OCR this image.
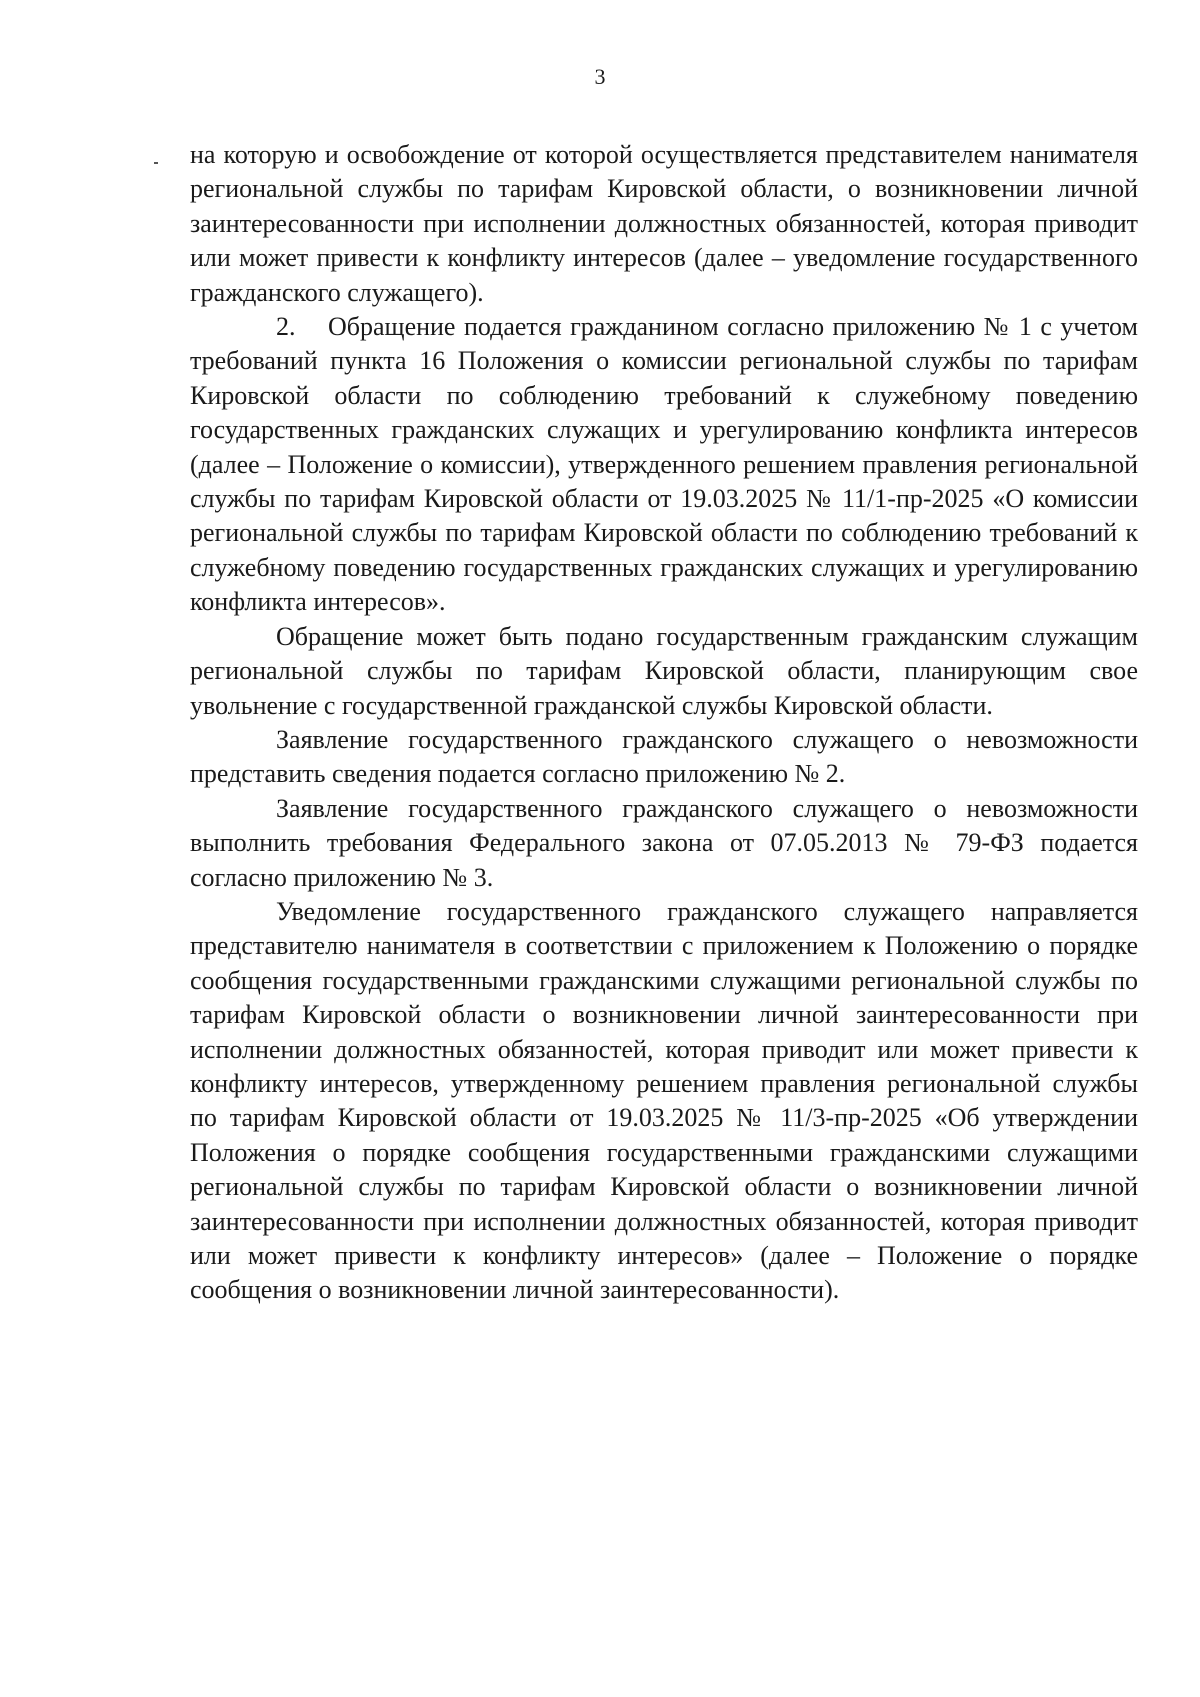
3

на которую и освобождение от которой осуществляется представителем нанимателя региональной службы по тарифам Кировской области, о возникновении личной заинтересованности при исполнении должностных обязанностей, которая приводит или может привести к конфликту интересов (далее – уведомление государственного гражданского служащего).

2. Обращение подается гражданином согласно приложению № 1 с учетом требований пункта 16 Положения о комиссии региональной службы по тарифам Кировской области по соблюдению требований к служебному поведению государственных гражданских служащих и урегулированию конфликта интересов (далее – Положение о комиссии), утвержденного решением правления региональной службы по тарифам Кировской области от 19.03.2025 № 11/1-пр-2025 «О комиссии региональной службы по тарифам Кировской области по соблюдению требований к служебному поведению государственных гражданских служащих и урегулированию конфликта интересов».

Обращение может быть подано государственным гражданским служащим региональной службы по тарифам Кировской области, планирующим свое увольнение с государственной гражданской службы Кировской области.

Заявление государственного гражданского служащего о невозможности представить сведения подается согласно приложению № 2.

Заявление государственного гражданского служащего о невозможности выполнить требования Федерального закона от 07.05.2013 № 79-ФЗ подается согласно приложению № 3.

Уведомление государственного гражданского служащего направляется представителю нанимателя в соответствии с приложением к Положению о порядке сообщения государственными гражданскими служащими региональной службы по тарифам Кировской области о возникновении личной заинтересованности при исполнении должностных обязанностей, которая приводит или может привести к конфликту интересов, утвержденному решением правления региональной службы по тарифам Кировской области от 19.03.2025 № 11/3-пр-2025 «Об утверждении Положения о порядке сообщения государственными гражданскими служащими региональной службы по тарифам Кировской области о возникновении личной заинтересованности при исполнении должностных обязанностей, которая приводит или может привести к конфликту интересов» (далее – Положение о порядке сообщения о возникновении личной заинтересованности).
